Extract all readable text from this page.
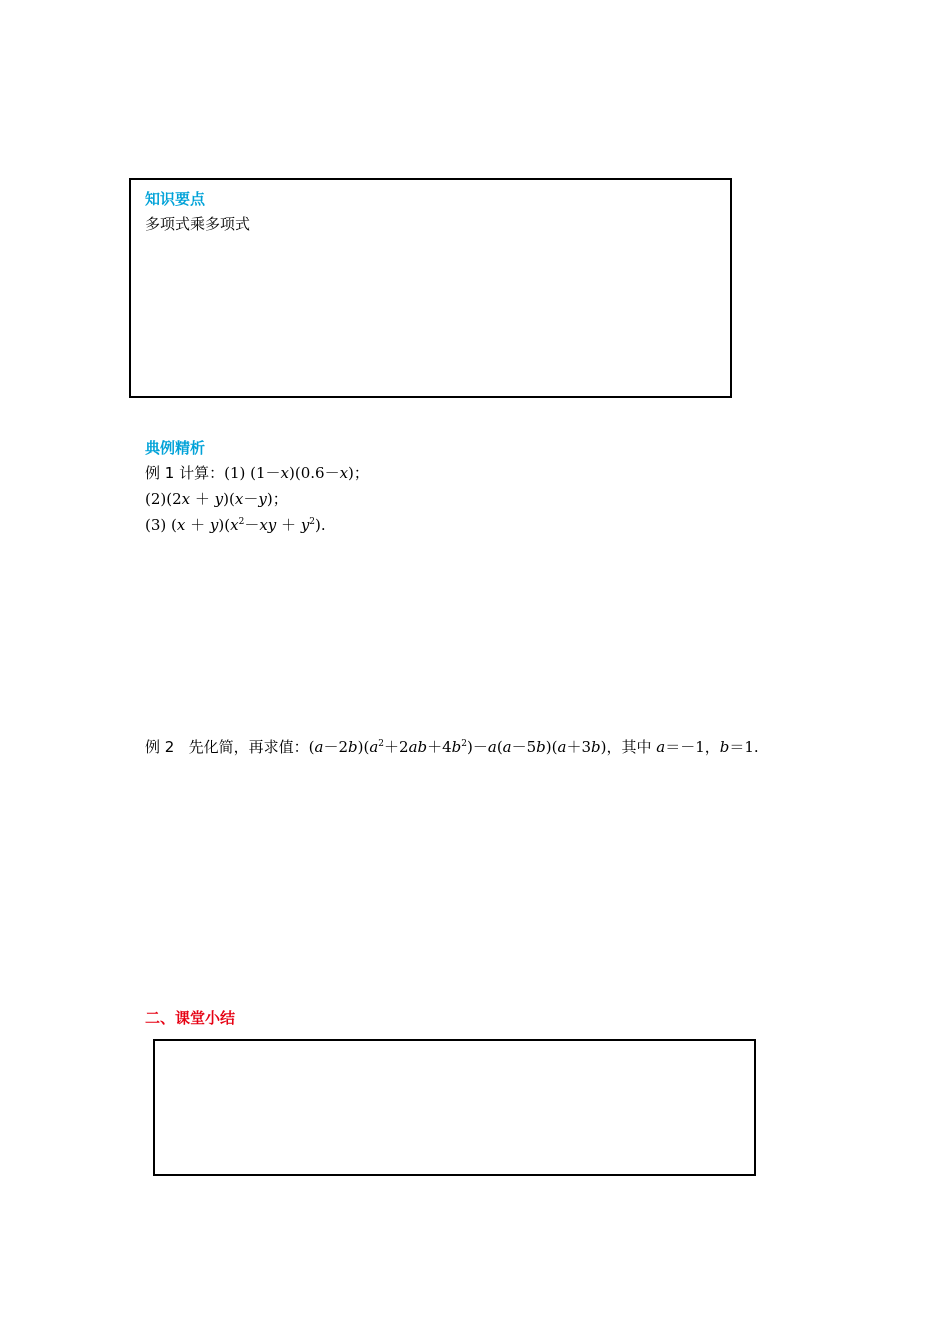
知识要点
多项式乘多项式
典例精析
例 1 计算：(1) (1－x)(0.6－x)；
(2)(2x ＋ y)(x－y)；
(3) $(x + y)(x^2-xy + y^2)$.
例 2 先化简，再求值：$(a-2b)(a^2+2ab+4b^2)-a(a-5b)(a+3b)$，其中 a＝－1，b＝1.
二、课堂小结
